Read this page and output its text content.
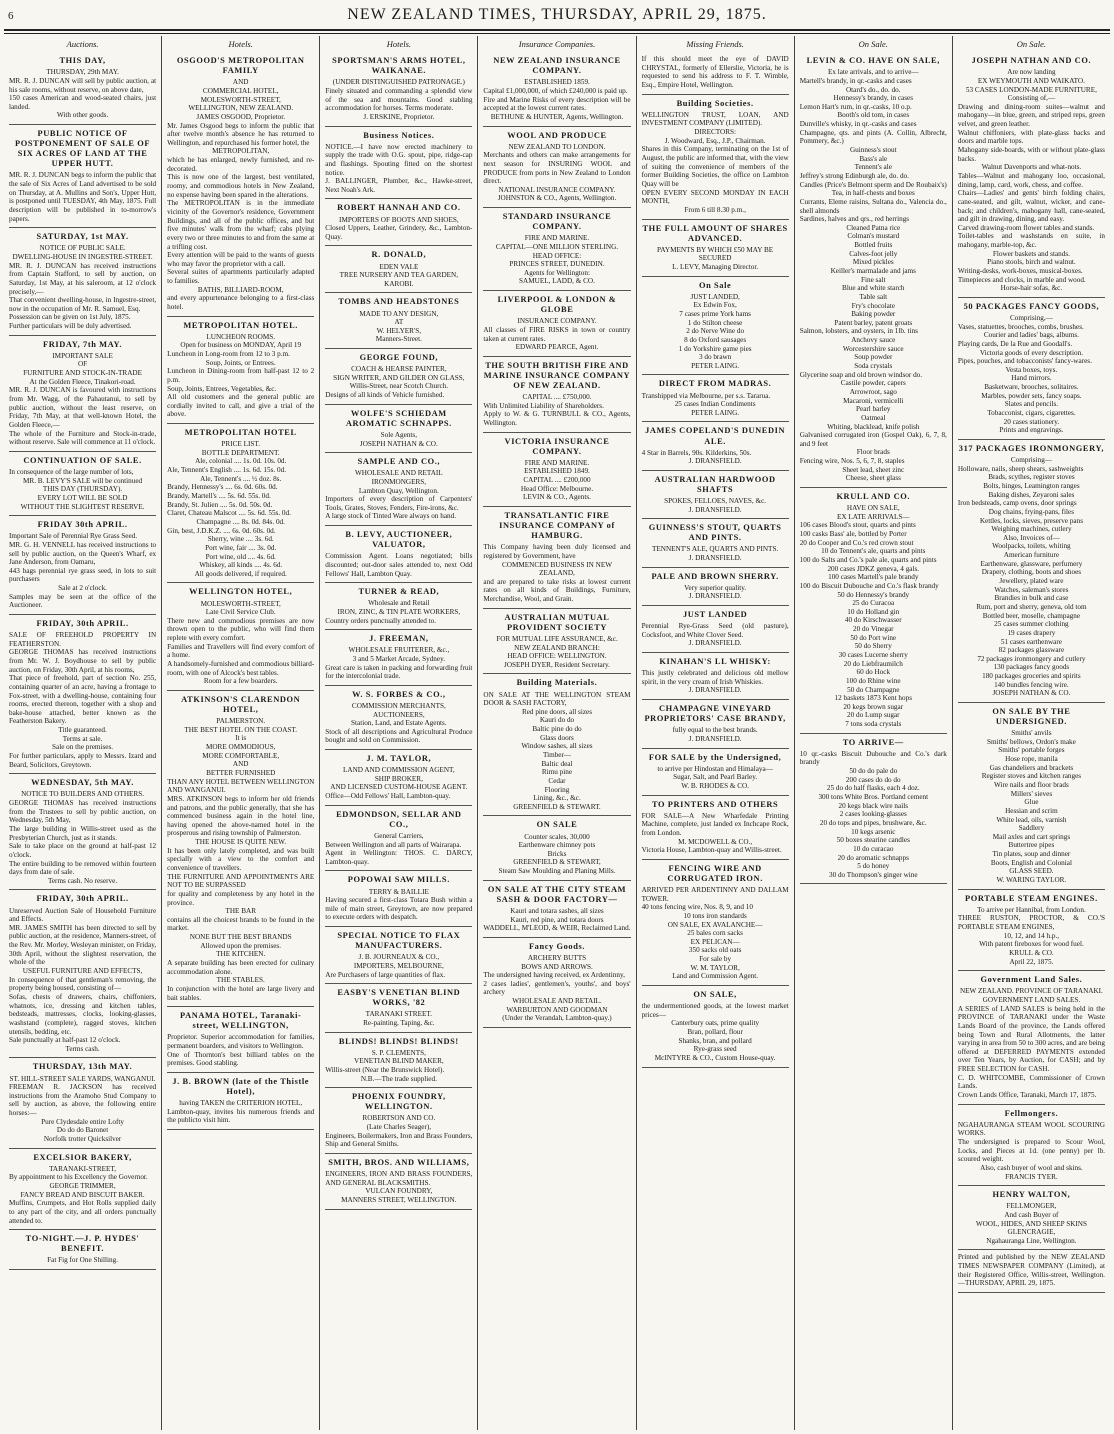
6	NEW ZEALAND TIMES, THURSDAY, APRIL 29, 1875.
Auctions.
THIS DAY,

THURSDAY, 29th MAY.

MR. R. J. DUNCAN will sell by public auction, at his sale rooms, without reserve, on above date,

150 cases American and wood-seated chairs, just landed.

With other goods.

PUBLIC NOTICE OF POSTPONEMENT OF SALE OF SIX ACRES OF LAND AT THE UPPER HUTT.

MR. R. J. DUNCAN begs to inform the public that the sale of Six Acres of Land advertised to be sold on Thursday, at A. Mullins and Son's, Upper Hutt, is postponed until TUESDAY, 4th May, 1875. Full description will be published in to-morrow's papers.

SATURDAY, 1st MAY.

NOTICE OF PUBLIC SALE.

DWELLING-HOUSE IN INGESTRE-STREET.

MR. R. J. DUNCAN has received instructions from Captain Stafford, to sell by auction, on Saturday, 1st May, at his saleroom, at 12 o'clock precisely,—

That convenient dwelling-house, in Ingestre-street, now in the occupation of Mr. R. Samuel, Esq.

Possession can be given on 1st July, 1875.

Further particulars will be duly advertised.

FRIDAY, 7th MAY.

IMPORTANT SALE

OF

FURNITURE AND STOCK-IN-TRADE

At the Golden Fleece, Tinakori-road.

MR. R. J. DUNCAN is favoured with instructions from Mr. Wagg, of the Pahautanui, to sell by public auction, without the least reserve, on Friday, 7th May, at that well-known Hotel, the Golden Fleece,—

The whole of the Furniture and Stock-in-trade, without reserve. Sale will commence at 11 o'clock.

CONTINUATION OF SALE.

In consequence of the large number of lots,

MR. B. LEVY'S SALE will be continued

THIS DAY (THURSDAY).

EVERY LOT WILL BE SOLD

WITHOUT THE SLIGHTEST RESERVE.

FRIDAY 30th APRIL.

Important Sale of Perennial Rye Grass Seed.

MR. G. H. VENNELL has received instructions to sell by public auction, on the Queen's Wharf, ex Jane Anderson, from Oamaru,

443 bags perennial rye grass seed, in lots to suit purchasers

Sale at 2 o'clock.

Samples may be seen at the office of the Auctioneer.

FRIDAY, 30th APRIL.

SALE OF FREEHOLD PROPERTY IN FEATHERSTON.

GEORGE THOMAS has received instructions from Mr. W. J. Boydhouse to sell by public auction, on Friday, 30th April, at his rooms,

That piece of freehold, part of section No. 255, containing quarter of an acre, having a frontage to Fox-street, with a dwelling-house, containing four rooms, erected thereon, together with a shop and bake-house attached, better known as the Featherston Bakery.

Title guaranteed.

Terms at sale.

Sale on the premises.

For further particulars, apply to Messrs. Izard and Beard, Solicitors, Greytown.

WEDNESDAY, 5th MAY.

NOTICE TO BUILDERS AND OTHERS.

GEORGE THOMAS has received instructions from the Trustees to sell by public auction, on Wednesday, 5th May,

The large building in Willis-street used as the Presbyterian Church, just as it stands.

Sale to take place on the ground at half-past 12 o'clock.

The entire building to be removed within fourteen days from date of sale.

Terms cash. No reserve.

FRIDAY, 30th APRIL.

Unreserved Auction Sale of Household Furniture and Effects.

MR. JAMES SMITH has been directed to sell by public auction, at the residence, Manners-street, of the Rev. Mr. Morley, Wesleyan minister, on Friday, 30th April, without the slightest reservation, the whole of the

USEFUL FURNITURE AND EFFECTS,

In consequence of that gentleman's removing, the property being housed, consisting of—

Sofas, chests of drawers, chairs, chiffoniers, whatnots, ice, dressing and kitchen tables, bedsteads, mattresses, clocks, looking-glasses, washstand (complete), ragged stoves, kitchen utensils, bedding, etc.

Sale punctually at half-past 12 o'clock.

Terms cash.

THURSDAY, 13th MAY.

ST. HILL-STREET SALE YARDS, WANGANUI.

FREEMAN R. JACKSON has received instructions from the Aramoho Stud Company to sell by auction, as above, the following entire horses:—

Pure Clydesdale entire Lofty

Do do do Baronet

Norfolk trotter Quicksilver

EXCELSIOR BAKERY,

TARANAKI-STREET,

By appointment to his Excellency the Governor.

GEORGE TRIMMER,

FANCY BREAD AND BISCUIT BAKER.

Muffins, Crumpets, and Hot Rolls supplied daily to any part of the city, and all orders punctually attended to.

TO-NIGHT.—J. P. HYDES' BENEFIT.

Fat Fig for One Shilling.

Hotels.
OSGOOD'S METROPOLITAN FAMILY

AND

COMMERCIAL HOTEL,

MOLESWORTH-STREET,

WELLINGTON, NEW ZEALAND.

JAMES OSGOOD, Proprietor.

Mr. James Osgood begs to inform the public that after twelve month's absence he has returned to Wellington, and repurchased his former hotel, the

METROPOLITAN,

which he has enlarged, newly furnished, and re-decorated.

This is now one of the largest, best ventilated, roomy, and commodious hotels in New Zealand, no expense having been spared in the alterations.

The METROPOLITAN is in the immediate vicinity of the Governor's residence, Government Buildings, and all of the public offices, and but five minutes' walk from the wharf; cabs plying every two or three minutes to and from the same at a trifling cost.

Every attention will be paid to the wants of guests who may favor the proprietor with a call.

Several suites of apartments particularly adapted to families.

BATHS, BILLIARD-ROOM,

and every appurtenance belonging to a first-class hotel.

METROPOLITAN HOTEL.

LUNCHEON ROOMS.

Open for business on MONDAY, April 19

Luncheon in Long-room from 12 to 3 p.m.

Soup, Joints, or Entrees.

Luncheon in Dining-room from half-past 12 to 2 p.m.

Soup, Joints, Entrees, Vegetables, &c.

All old customers and the general public are cordially invited to call, and give a trial of the above.

METROPOLITAN HOTEL

PRICE LIST.

BOTTLE DEPARTMENT.

Ale, colonial .... 1s. 0d. 10s. 0d.

Ale, Tennent's English .... 1s. 6d. 15s. 0d.

Ale, Tennent's .... ½ doz. 8s.

Brandy, Hennessy's .... 6s. 0d. 60s. 0d.

Brandy, Martell's .... 5s. 6d. 55s. 0d.

Brandy, St. Julien .... 5s. 0d. 50s. 0d.

Claret, Chateau Malscot .... 5s. 6d. 55s. 0d.

Champagne .... 8s. 0d. 84s. 0d.

Gin, best, J.D.K.Z. .... 6s. 0d. 60s. 0d.

Sherry, wine .... 3s. 6d.

Port wine, fair .... 3s. 0d.

Port wine, old .... 4s. 6d.

Whiskey, all kinds .... 4s. 6d.

All goods delivered, if required.

WELLINGTON HOTEL,

MOLESWORTH-STREET,

Late Civil Service Club.

There new and commodious premises are now thrown open to the public, who will find them replete with every comfort.

Families and Travellers will find every comfort of a home.

A handsomely-furnished and commodious billiard-room, with one of Alcock's best tables.

Room for a few boarders.

ATKINSON'S CLARENDON HOTEL,

PALMERSTON.

THE BEST HOTEL ON THE COAST.

It is

MORE OMMODIOUS,

MORE COMFORTABLE,

AND

BETTER FURNISHED

THAN ANY HOTEL BETWEEN WELLINGTON AND WANGANUI.

MRS. ATKINSON begs to inform her old friends and patrons, and the public generally, that she has commenced business again in the hotel line, having opened the above-named hotel in the prosperous and rising township of Palmerston.

THE HOUSE IS QUITE NEW.

It has been only lately completed, and was built specially with a view to the comfort and convenience of travellers.

THE FURNITURE AND APPOINTMENTS ARE NOT TO BE SURPASSED

for quality and completeness by any hotel in the province.

THE BAR

contains all the choicest brands to be found in the market.

NONE BUT THE BEST BRANDS

Allowed upon the premises.

THE KITCHEN.

A separate building has been erected for culinary accommodation alone.

THE STABLES.

In conjunction with the hotel are large livery and bait stables.

PANAMA HOTEL, Taranaki-street, WELLINGTON,

Proprietor. Superior accommodation for families, permanent boarders, and visitors to Wellington.

One of Thornton's best billiard tables on the premises. Good stabling.

J. B. BROWN (late of the Thistle Hotel),

having TAKEN the CRITERION HOTEL,

Lambton-quay, invites his numerous friends and the publicto visit him.

Hotels.
SPORTSMAN'S ARMS HOTEL, WAIKANAE.

(UNDER DISTINGUISHED PATRONAGE.)

Finely situated and commanding a splendid view of the sea and mountains. Good stabling accommodation for horses. Terms moderate.

J. ERSKINE, Proprietor.

Business Notices.

NOTICE.—I have now erected machinery to supply the trade with O.G. spout, pipe, ridge-cap and flashings. Spouting fitted on the shortest notice.

J. BALLINGER, Plumber, &c., Hawke-street, Next Noah's Ark.

ROBERT HANNAH AND CO.

IMPORTERS OF BOOTS AND SHOES,

Closed Uppers, Leather, Grindery, &c., Lambton-Quay.

R. DONALD,

EDEN VALE

TREE NURSERY AND TEA GARDEN,

KAROBI.

TOMBS AND HEADSTONES

MADE TO ANY DESIGN,

AT

W. HELYER'S,

Manners-Street.

GEORGE FOUND,

COACH & HEARSE PAINTER,

SIGN WRITER, AND GILDER ON GLASS,

Willis-Street, near Scotch Church.

Designs of all kinds of Vehicle furnished.

WOLFE'S SCHIEDAM AROMATIC SCHNAPPS.

Sole Agents,

JOSEPH NATHAN & CO.

SAMPLE AND CO.,

WHOLESALE AND RETAIL

IRONMONGERS,

Lambton Quay, Wellington.

Importers of every description of Carpenters' Tools, Grates, Stoves, Fenders, Fire-irons, &c.

A large stock of Tinted Ware always on hand.

B. LEVY, AUCTIONEER, VALUATOR,

Commission Agent. Loans negotiated; bills discounted; out-door sales attended to, next Odd Fellows' Hall, Lambton Quay.

TURNER & READ,

Wholesale and Retail

IRON, ZINC, & TIN PLATE WORKERS,

Country orders punctually attended to.

J. FREEMAN,

WHOLESALE FRUITERER, &c.,

3 and 5 Market Arcade, Sydney.

Great care is taken in packing and forwarding fruit for the intercolonial trade.

W. S. FORBES & CO.,

COMMISSION MERCHANTS,

AUCTIONEERS,

Station, Land, and Estate Agents.

Stock of all descriptions and Agricultural Produce bought and sold on Commission.

J. M. TAYLOR,

LAND AND COMMISSION AGENT,

SHIP BROKER,

AND LICENSED CUSTOM-HOUSE AGENT.

Office—Odd Fellows' Hall, Lambton-quay.

EDMONDSON, SELLAR AND CO.,

General Carriers,

Between Wellington and all parts of Wairarapa.

Agent in Wellington: THOS. C. DARCY, Lambton-quay.

POPOWAI SAW MILLS.

TERRY & BAILLIE

Having secured a first-class Totara Bush within a mile of main street, Greytown, are now prepared to execute orders with despatch.

SPECIAL NOTICE TO FLAX MANUFACTURERS.

J. B. JOURNEAUX & CO.,

IMPORTERS, MELBOURNE,

Are Purchasers of large quantities of flax.

EASBY'S VENETIAN BLIND WORKS, '82

TARANAKI STREET.

Re-painting, Taping, &c.

BLINDS! BLINDS! BLINDS!

S. P. CLEMENTS,

VENETIAN BLIND MAKER,

Willis-street (Near the Brunswick Hotel).

N.B.—The trade supplied.

PHOENIX FOUNDRY, WELLINGTON.

ROBERTSON AND CO.

(Late Charles Seager),

Engineers, Boilermakers, Iron and Brass Founders, Ship and General Smiths.

SMITH, BROS. AND WILLIAMS,

ENGINEERS, IRON AND BRASS FOUNDERS, AND GENERAL BLACKSMITHS.

VULCAN FOUNDRY,

MANNERS STREET, WELLINGTON.

Insurance Companies.
NEW ZEALAND INSURANCE COMPANY.

ESTABLISHED 1859.

Capital £1,000,000, of which £240,000 is paid up.

Fire and Marine Risks of every description will be accepted at the lowest current rates.

BETHUNE & HUNTER, Agents, Wellington.

WOOL AND PRODUCE

NEW ZEALAND TO LONDON.

Merchants and others can make arrangements for next season for INSURING WOOL and PRODUCE from ports in New Zealand to London direct.

NATIONAL INSURANCE COMPANY.

JOHNSTON & CO., Agents, Wellington.

STANDARD INSURANCE COMPANY.

FIRE AND MARINE.

CAPITAL—ONE MILLION STERLING.

HEAD OFFICE:

PRINCES STREET, DUNEDIN.

Agents for Wellington:

SAMUEL, LADD, & CO.

LIVERPOOL & LONDON & GLOBE

INSURANCE COMPANY.

All classes of FIRE RISKS in town or country taken at current rates.

EDWARD PEARCE, Agent.

THE SOUTH BRITISH FIRE AND MARINE INSURANCE COMPANY OF NEW ZEALAND.

CAPITAL .... £750,000.

With Unlimited Liability of Shareholders.

Apply to W. & G. TURNBULL & CO., Agents, Wellington.

VICTORIA INSURANCE COMPANY.

FIRE AND MARINE.

ESTABLISHED 1849.

CAPITAL .... £200,000

Head Office: Melbourne.

LEVIN & CO., Agents.

TRANSATLANTIC FIRE INSURANCE COMPANY of HAMBURG.

This Company having been duly licensed and registered by Government, have

COMMENCED BUSINESS IN NEW ZEALAND,

and are prepared to take risks at lowest current rates on all kinds of Buildings, Furniture, Merchandise, Wool, and Grain.

AUSTRALIAN MUTUAL PROVIDENT SOCIETY

FOR MUTUAL LIFE ASSURANCE, &c.

NEW ZEALAND BRANCH:

HEAD OFFICE: WELLINGTON.

JOSEPH DYER, Resident Secretary.

Building Materials.

ON SALE AT THE WELLINGTON STEAM DOOR & SASH FACTORY,

Red pine doors, all sizes

Kauri do do

Baltic pine do do

Glass doors

Window sashes, all sizes

Timber—

Baltic deal

Rimu pine

Cedar

Flooring

Lining, &c., &c.

GREENFIELD & STEWART.

ON SALE

Counter scales, 30,000

Earthenware chimney pots

Bricks

GREENFIELD & STEWART,

Steam Saw Moulding and Planing Mills.

ON SALE AT THE CITY STEAM SASH & DOOR FACTORY—

Kauri and totara sashes, all sizes

Kauri, red pine, and totara doors

WADDELL, M'LEOD, & WEIR, Reclaimed Land.

Fancy Goods.

ARCHERY BUTTS

BOWS AND ARROWS.

The undersigned having received, ex Ardentinny,

2 cases ladies', gentlemen's, youths', and boys' archery

WHOLESALE AND RETAIL.

WARBURTON AND GOODMAN

(Under the Verandah, Lambton-quay.)

Missing Friends.

If this should meet the eye of DAVID CHRYSTAL, formerly of Ellerslie, Victoria, he is requested to send his address to F. T. Wimble, Esq., Empire Hotel, Wellington.

Building Societies.

WELLINGTON TRUST, LOAN, AND INVESTMENT COMPANY (LIMITED).

DIRECTORS:

J. Woodward, Esq., J.P., Chairman.

Shares in this Company, terminating on the 1st of August, the public are informed that, with the view of suiting the convenience of members of the former Building Societies, the office on Lambton Quay will be

OPEN EVERY SECOND MONDAY IN EACH MONTH,

From 6 till 8.30 p.m.,

THE FULL AMOUNT OF SHARES ADVANCED.

PAYMENTS BY WHICH £50 MAY BE SECURED

L. LEVY, Managing Director.

On Sale

JUST LANDED,

Ex Edwin Fox,

7 cases prime York hams

1 do Stilton cheese

2 do Nerve Wine do

8 do Oxford sausages

1 do Yorkshire game pies

3 do brawn

PETER LAING.

DIRECT FROM MADRAS.

Transhipped via Melbourne, per s.s. Tararua.

25 cases Indian Condiments

PETER LAING.

JAMES COPELAND'S DUNEDIN ALE.

4 Star in Barrels, 90s. Kilderkins, 50s.

J. DRANSFIELD.

AUSTRALIAN HARDWOOD SHAFTS

SPOKES, FELLOES, NAVES, &c.

J. DRANSFIELD.

GUINNESS'S STOUT, QUARTS AND PINTS.

TENNENT'S ALE, QUARTS AND PINTS.

J. DRANSFIELD.

PALE AND BROWN SHERRY.

Very superior quality.

J. DRANSFIELD.

JUST LANDED

Perennial Rye-Grass Seed (old pasture), Cocksfoot, and White Clover Seed.

J. DRANSFIELD.

KINAHAN'S LL WHISKY:

This justly celebrated and delicious old mellow spirit, in the very cream of Irish Whiskies.

J. DRANSFIELD.

CHAMPAGNE VINEYARD PROPRIETORS' CASE BRANDY,

fully equal to the best brands.

J. DRANSFIELD.

FOR SALE by the Undersigned,

to arrive per Hindostan and Himalaya—

Sugar, Salt, and Pearl Barley.

W. B. RHODES & CO.

TO PRINTERS AND OTHERS

FOR SALE—A New Wharfedale Printing Machine, complete, just landed ex Inchcape Rock, from London.

M. MCDOWELL & CO.,

Victoria House, Lambton-quay and Willis-street.

FENCING WIRE AND CORRUGATED IRON.

ARRIVED PER ARDENTINNY AND DALLAM TOWER.

40 tons fencing wire, Nos. 8, 9, and 10

10 tons iron standards

ON SALE, EX AVALANCHE—

25 bales corn sacks

EX PELICAN—

350 sacks old oats

For sale by

W. M. TAYLOR,

Land and Commission Agent.

ON SALE,

the undermentioned goods, at the lowest market prices—

Canterbury oats, prime quality

Bran, pollard, flour

Shanks, bran, and pollard

Rye-grass seed

McINTYRE & CO., Custom House-quay.

On Sale.
LEVIN & CO. HAVE ON SALE,

Ex late arrivals, and to arrive—

Martell's brandy, in qr.-casks and cases

Otard's do., do. do.

Hennessy's brandy, in cases

Lemon Hart's rum, in qr.-casks, 10 o.p.

Booth's old tom, in cases

Dunville's whisky, in qr.-casks and cases

Champagne, qts. and pints (A. Collin, Albrecht, Pommery, &c.)

Guinness's stout

Bass's ale

Tennent's ale

Jeffrey's strong Edinburgh ale, do. do.

Candles (Price's Belmont sperm and De Roubaix's)

Tea, in half-chests and boxes

Currants, Eleme raisins, Sultana do., Valencia do., shell almonds

Sardines, halves and qrs., red herrings

Cleaned Patna rice

Colman's mustard

Bottled fruits

Calves-foot jelly

Mixed pickles

Keiller's marmalade and jams

Fine salt

Blue and white starch

Table salt

Fry's chocolate

Baking powder

Patent barley, patent groats

Salmon, lobsters, and oysters, in 1lb. tins

Anchovy sauce

Worcestershire sauce

Soup powder

Soda crystals

Glycerine soap and old brown windsor do.

Castile powder, capers

Arrowroot, sago

Macaroni, vermicelli

Pearl barley

Oatmeal

Whiting, blacklead, knife polish

Galvanised corrugated iron (Gospel Oak), 6, 7, 8, and 9 feet

Floor brads

Fencing wire, Nos. 5, 6, 7, 8, staples

Sheet lead, sheet zinc

Cheese, sheet glass

KRULL AND CO.

HAVE ON SALE,

EX LATE ARRIVALS—

106 cases Blood's stout, quarts and pints

100 casks Bass' ale, bottled by Porter

20 do Cooper and Co.'s red crown stout

10 do Tennent's ale, quarts and pints

100 do Salts and Co.'s pale ale, quarts and pints

200 cases JDKZ geneva, 4 gals.

100 cases Martell's pale brandy

100 do Biscuit Dubouche and Co.'s flask brandy

50 do Hennessy's brandy

25 do Curacoa

10 do Holland gin

40 do Kirschwasser

20 do Vinegar

50 do Port wine

50 do Sherry

30 cases Lucerne sherry

20 do Liebfraumilch

60 do Hock

100 do Rhine wine

50 do Champagne

12 baskets 1873 Kent hops

20 kegs brown sugar

20 do Lump sugar

7 tons soda crystals

TO ARRIVE—

10 qr.-casks Biscuit Dubouche and Co.'s dark brandy

50 do do pale do

200 cases do do do

25 do do half flasks, each 4 doz.

300 tons White Bros. Portland cement

20 kegs black wire nails

2 cases looking-glasses

20 do tops and pipes, brushware, &c.

10 kegs arsenic

50 boxes stearine candles

10 do curacao

20 do aromatic schnapps

5 do honey

30 do Thompson's ginger wine

On Sale.
JOSEPH NATHAN AND CO.

Are now landing

EX WEYMOUTH AND WAIKATO.

53 CASES LONDON-MADE FURNITURE,

Consisting of,—

Drawing and dining-room suites—walnut and mahogany—in blue, green, and striped reps, green velvet, and green leather.

Walnut chiffoniers, with plate-glass backs and doors and marble tops.

Mahogany side-boards, with or without plate-glass backs.

Walnut Davenports and what-nots.

Tables—Walnut and mahogany loo, occasional, dining, lamp, card, work, chess, and coffee.

Chairs—Ladies' and gents' birch folding chairs, cane-seated, and gilt, walnut, wicker, and cane-back; and children's, mahogany hall, cane-seated, and gilt in drawing, dining, and easy.

Carved drawing-room flower tables and stands.

Toilet-tables and washstands en suite, in mahogany, marble-top, &c.

Flower baskets and stands.

Piano stools, birch and walnut.

Writing-desks, work-boxes, musical-boxes.

Timepieces and clocks, in marble and wood.

Horse-hair sofas, &c.

50 PACKAGES FANCY GOODS,

Comprising,—

Vases, statuettes, brooches, combs, brushes.

Courier and ladies' bags, albums.

Playing cards, De la Rue and Goodall's.

Victoria goods of every description.

Pipes, pouches, and tobacconists' fancy-wares.

Vesta boxes, toys.

Hand mirrors.

Basketware, brooches, solitaires.

Marbles, powder sets, fancy soaps.

Slates and pencils.

Tobacconist, cigars, cigarettes.

20 cases stationery.

Prints and engravings.

317 PACKAGES IRONMONGERY,

Comprising—

Holloware, nails, sheep shears, sashweights

Brads, scythes, register stoves

Bolts, hinges, Leamington ranges

Baking dishes, Zeyaroni sales

Iron bedsteads, camp ovens, door springs

Dog chains, frying-pans, files

Kettles, locks, sieves, preserve pans

Weighing machines, cutlery

Also, Invoices of—

Woolpacks, toilets, whiting

American furniture

Earthenware, glassware, perfumery

Drapery, clothing, boots and shoes

Jewellery, plated ware

Watches, saleman's stores

Brandies in bulk and case

Rum, port and sherry, geneva, old tom

Bottled beer, moselle, champagne

25 cases summer clothing

19 cases drapery

51 cases earthenware

82 packages glassware

72 packages ironmongery and cutlery

130 packages fancy goods

180 packages groceries and spirits

140 bundles fencing wire.

JOSEPH NATHAN & CO.

ON SALE BY THE UNDERSIGNED.

Smiths' anvils

Smiths' bellows, Ordon's make

Smiths' portable forges

Hose rope, manila

Gas chandeliers and brackets

Register stoves and kitchen ranges

Wire nails and floor brads

Millers' sieves

Glue

Hessian and scrim

White lead, oils, varnish

Saddlery

Mail axles and cart springs

Buttertree pipes

Tin plates, soup and dinner

Boots, English and Colonial

GLASS SEED.

W. WARING TAYLOR.

PORTABLE STEAM ENGINES.

To arrive per Hannibal, from London.

THREE RUSTON, PROCTOR, & CO.'S PORTABLE STEAM ENGINES,

10, 12, and 14 h.p.,

With patent fireboxes for wood fuel.

KRULL & CO.

April 22, 1875.

Government Land Sales.

NEW ZEALAND. PROVINCE OF TARANAKI.

GOVERNMENT LAND SALES.

A SERIES of LAND SALES is being held in the PROVINCE of TARANAKI under the Waste Lands Board of the province, the Lands offered being Town and Rural Allotments, the latter varying in area from 50 to 300 acres, and are being offered at DEFERRED PAYMENTS extended over Ten Years, by Auction, for CASH; and by FREE SELECTION for CASH.

C. D. WHITCOMBE, Commissioner of Crown Lands.

Crown Lands Office, Taranaki, March 17, 1875.

Fellmongers.

NGAHAURANGA STEAM WOOL SCOURING WORKS.

The undersigned is prepared to Scour Wool, Locks, and Pieces at 1d. (one penny) per lb. scoured weight.

Also, cash buyer of wool and skins.

FRANCIS TYER.

HENRY WALTON,

FELLMONGER,

And cash Buyer of

WOOL, HIDES, AND SHEEP SKINS

GLENCRAGIE,

Ngahauranga Line, Wellington.

Printed and published by the NEW ZEALAND TIMES NEWSPAPER COMPANY (Limited), at their Registered Office, Willis-street, Wellington.—THURSDAY, APRIL 29, 1875.
